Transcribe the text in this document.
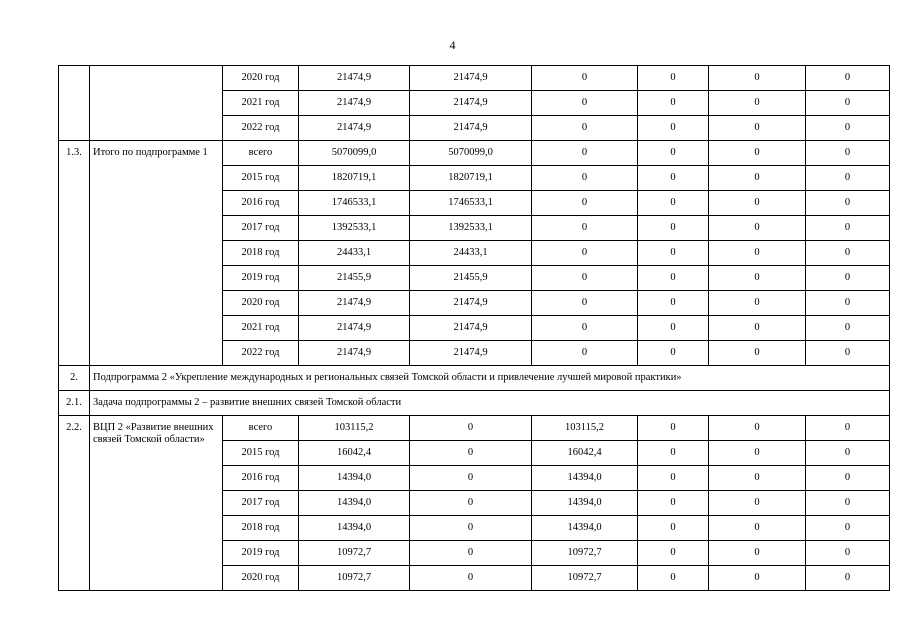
4
		2020 год	21474,9	21474,9	0	0	0	0
		2021 год	21474,9	21474,9	0	0	0	0
		2022 год	21474,9	21474,9	0	0	0	0
1.3.	Итого по подпрограмме 1	всего	5070099,0	5070099,0	0	0	0	0
		2015 год	1820719,1	1820719,1	0	0	0	0
		2016 год	1746533,1	1746533,1	0	0	0	0
		2017 год	1392533,1	1392533,1	0	0	0	0
		2018 год	24433,1	24433,1	0	0	0	0
		2019 год	21455,9	21455,9	0	0	0	0
		2020 год	21474,9	21474,9	0	0	0	0
		2021 год	21474,9	21474,9	0	0	0	0
		2022 год	21474,9	21474,9	0	0	0	0
2.	Подпрограмма 2 «Укрепление международных и региональных связей Томской области и привлечение лучшей мировой практики»							
2.1.	Задача подпрограммы 2 – развитие внешних связей Томской области							
2.2.	ВЦП 2 «Развитие внешних связей Томской области»	всего	103115,2	0	103115,2	0	0	0
		2015 год	16042,4	0	16042,4	0	0	0
		2016 год	14394,0	0	14394,0	0	0	0
		2017 год	14394,0	0	14394,0	0	0	0
		2018 год	14394,0	0	14394,0	0	0	0
		2019 год	10972,7	0	10972,7	0	0	0
		2020 год	10972,7	0	10972,7	0	0	0
